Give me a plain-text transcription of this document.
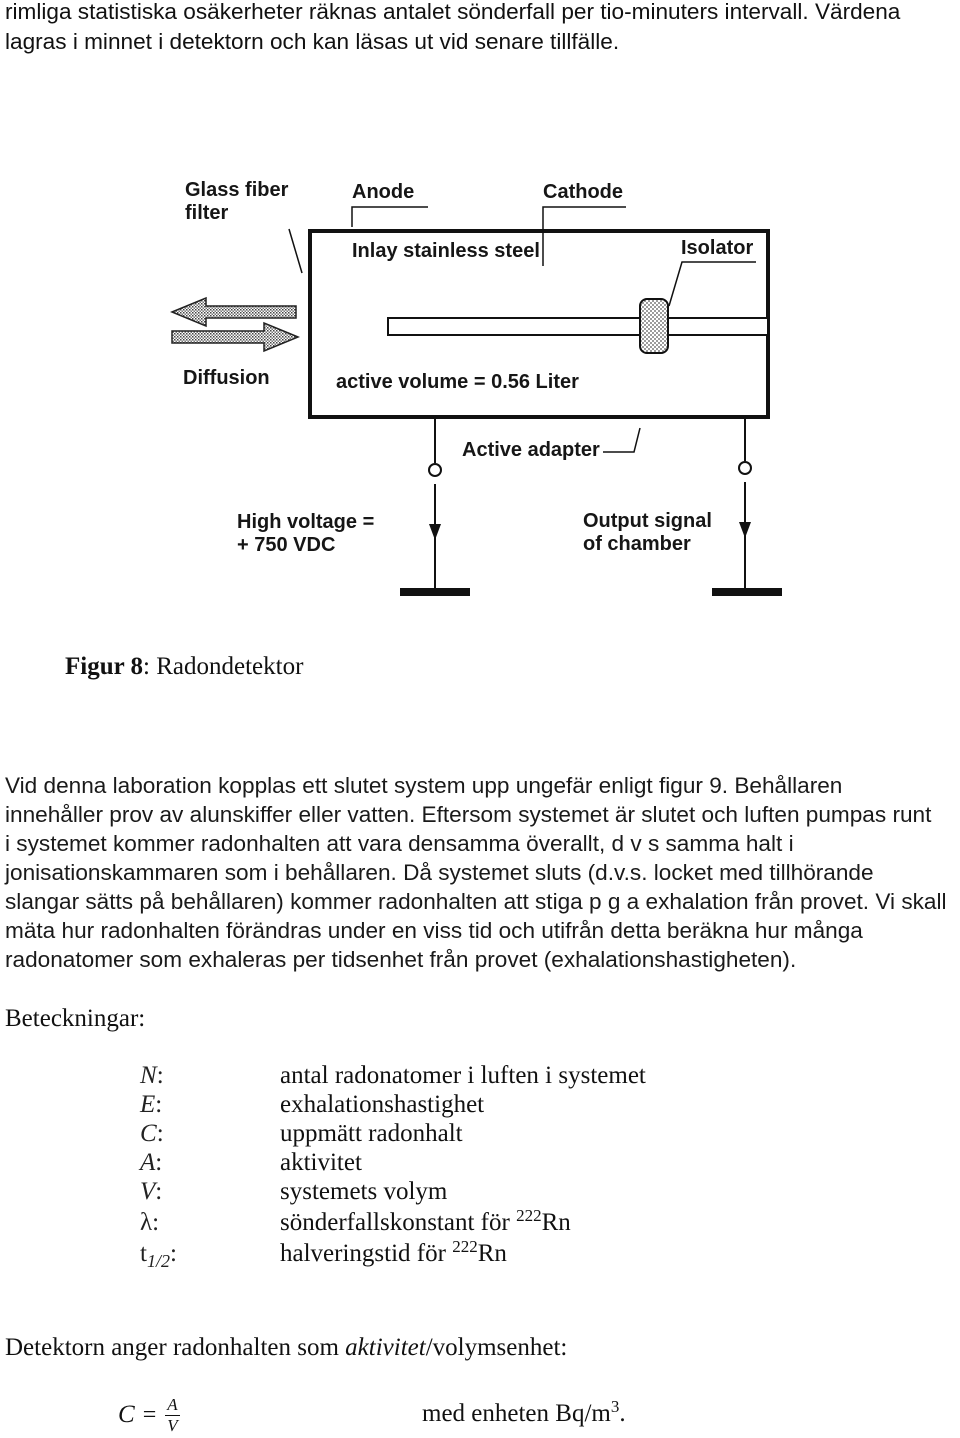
rimliga statistiska osäkerheter räknas antalet sönderfall per tio-minuters intervall. Värdena
lagras i minnet i detektorn och kan läsas ut vid senare tillfälle.
Glass fiber
filter
Anode	Cathode
Inlay stainless steel	Isolator
Diffusion	active volume = 0.56 Liter
Active adapter
High voltage =
+ 750 VDC
Output signal
of chamber
Figur 8: Radondetektor
Vid denna laboration kopplas ett slutet system upp ungefär enligt figur 9. Behållaren
innehåller prov av alunskiffer eller vatten. Eftersom systemet är slutet och luften pumpas runt
i systemet kommer radonhalten att vara densamma överallt, d v s samma halt i
jonisationskammaren som i behållaren. Då systemet sluts (d.v.s. locket med tillhörande
slangar sätts på behållaren) kommer radonhalten att stiga p g a exhalation från provet. Vi skall
mäta hur radonhalten förändras under en viss tid och utifrån detta beräkna hur många
radonatomer som exhaleras per tidsenhet från provet (exhalationshastigheten).
Beteckningar:
N:	antal radonatomer i luften i systemet
E:	exhalationshastighet
C:	uppmätt radonhalt
A:	aktivitet
V:	systemets volym
λ:	sönderfallskonstant för $^{222}$Rn
$t_{1/2}$:	halveringstid för $^{222}$Rn
Detektorn anger radonhalten som aktivitet/volymsenhet:
$C = \frac{A}{V}$	med enheten $Bq/m^3$.
